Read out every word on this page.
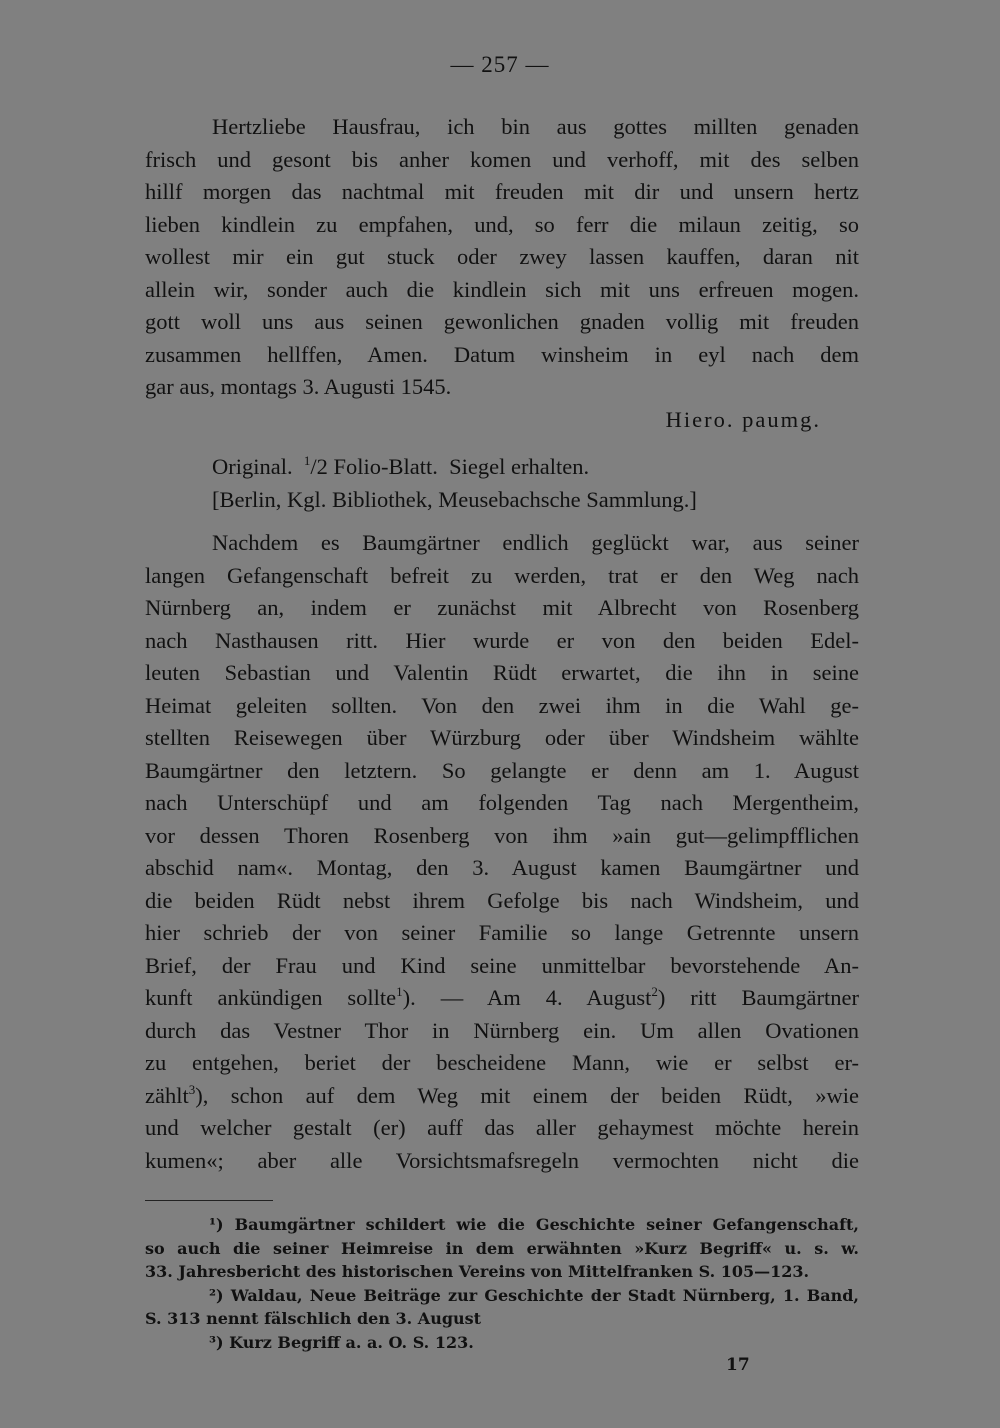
— 257 —
Hertzliebe Hausfrau, ich bin aus gottes millten genaden
frisch und gesont bis anher komen und verhoff, mit des selben
hillf morgen das nachtmal mit freuden mit dir und unsern hertz
lieben kindlein zu empfahen, und, so ferr die milaun zeitig, so
wollest mir ein gut stuck oder zwey lassen kauffen, daran nit
allein wir, sonder auch die kindlein sich mit uns erfreuen mogen.
gott woll uns aus seinen gewonlichen gnaden vollig mit freuden
zusammen hellffen, Amen. Datum winsheim in eyl nach dem
gar aus, montags 3. Augusti 1545.
Hiero. paumg.
Original. $^1$/2 Folio-Blatt. Siegel erhalten.
[Berlin, Kgl. Bibliothek, Meusebachsche Sammlung.]
Nachdem es Baumgärtner endlich geglückt war, aus seiner
langen Gefangenschaft befreit zu werden, trat er den Weg nach
Nürnberg an, indem er zunächst mit Albrecht von Rosenberg
nach Nasthausen ritt. Hier wurde er von den beiden Edel-
leuten Sebastian und Valentin Rüdt erwartet, die ihn in seine
Heimat geleiten sollten. Von den zwei ihm in die Wahl ge-
stellten Reisewegen über Würzburg oder über Windsheim wählte
Baumgärtner den letztern. So gelangte er denn am 1. August
nach Unterschüpf und am folgenden Tag nach Mergentheim,
vor dessen Thoren Rosenberg von ihm »ain gut—gelimpfflichen
abschid nam«. Montag, den 3. August kamen Baumgärtner und
die beiden Rüdt nebst ihrem Gefolge bis nach Windsheim, und
hier schrieb der von seiner Familie so lange Getrennte unsern
Brief, der Frau und Kind seine unmittelbar bevorstehende An-
kunft ankündigen sollte$^1$). — Am 4. August$^2$) ritt Baumgärtner
durch das Vestner Thor in Nürnberg ein. Um allen Ovationen
zu entgehen, beriet der bescheidene Mann, wie er selbst er-
zählt$^3$), schon auf dem Weg mit einem der beiden Rüdt, »wie
und welcher gestalt (er) auff das aller gehaymest möchte herein
kumen«; aber alle Vorsichtsmafsregeln vermochten nicht die
¹) Baumgärtner schildert wie die Geschichte seiner Gefangenschaft,
so auch die seiner Heimreise in dem erwähnten »Kurz Begriff« u. s. w.
33. Jahresbericht des historischen Vereins von Mittelfranken S. 105—123.
²) Waldau, Neue Beiträge zur Geschichte der Stadt Nürnberg, 1. Band,
S. 313 nennt fälschlich den 3. August
³) Kurz Begriff a. a. O. S. 123.
17
